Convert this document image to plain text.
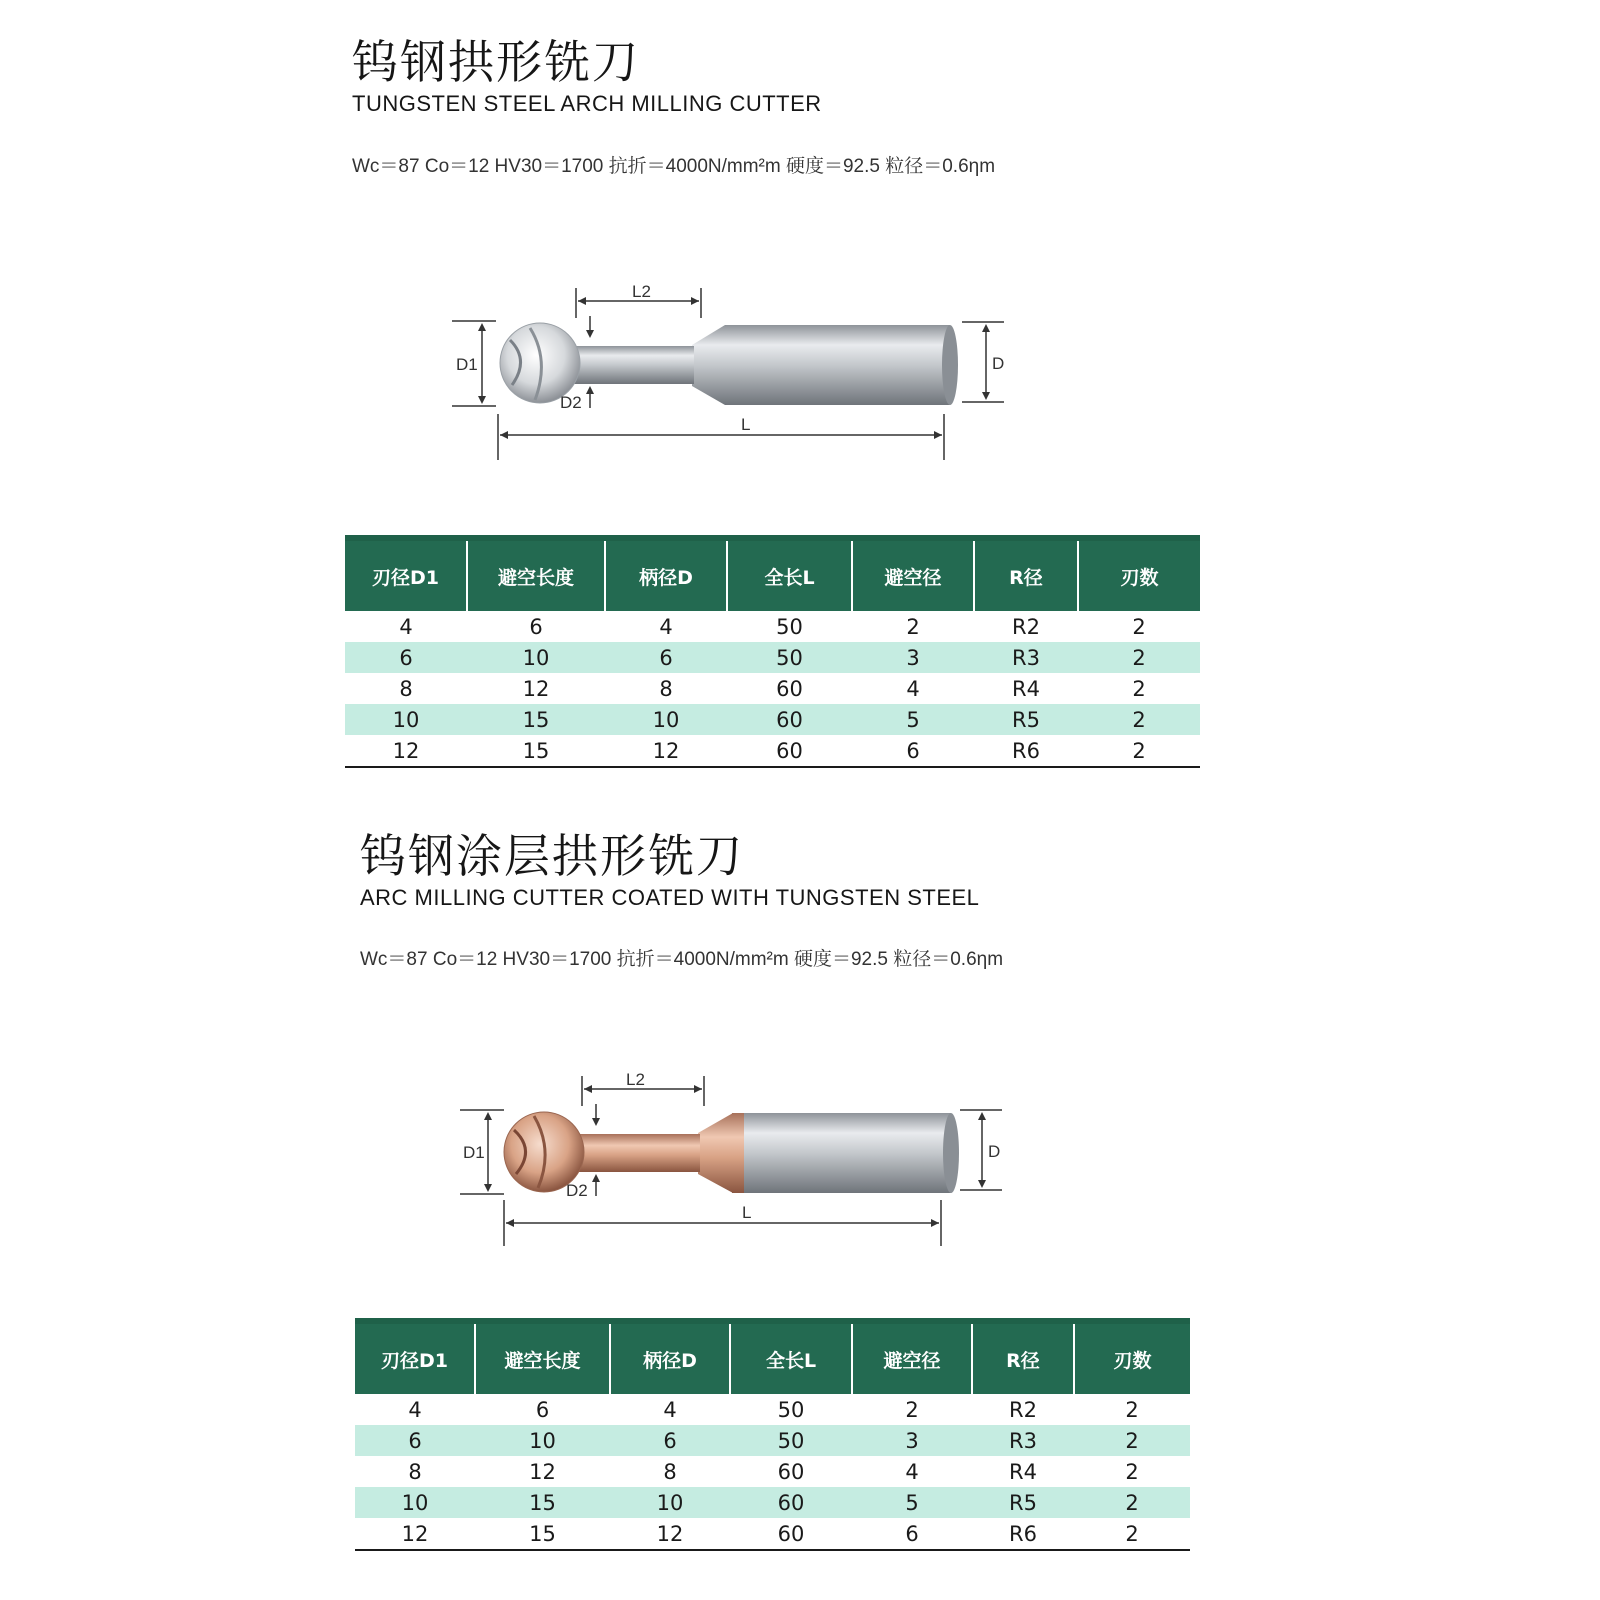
钨钢拱形铣刀
TUNGSTEN STEEL ARCH MILLING CUTTER
Wc＝87 Co＝12 HV30＝1700 抗折＝4000N/mm²m 硬度＝92.5 粒径＝0.6ηm
L2
D2
D1	D
L

刃径D1	避空长度	柄径D	全长L	避空径	R径	刃数
4	6	4	50	2	R2	2
6	10	6	50	3	R3	2
8	12	8	60	4	R4	2
10	15	10	60	5	R5	2
12	15	12	60	6	R6	2
钨钢涂层拱形铣刀
ARC MILLING CUTTER COATED WITH TUNGSTEN STEEL
Wc＝87 Co＝12 HV30＝1700 抗折＝4000N/mm²m 硬度＝92.5 粒径＝0.6ηm
L2
D2
D1	D
L

刃径D1	避空长度	柄径D	全长L	避空径	R径	刃数
4	6	4	50	2	R2	2
6	10	6	50	3	R3	2
8	12	8	60	4	R4	2
10	15	10	60	5	R5	2
12	15	12	60	6	R6	2
